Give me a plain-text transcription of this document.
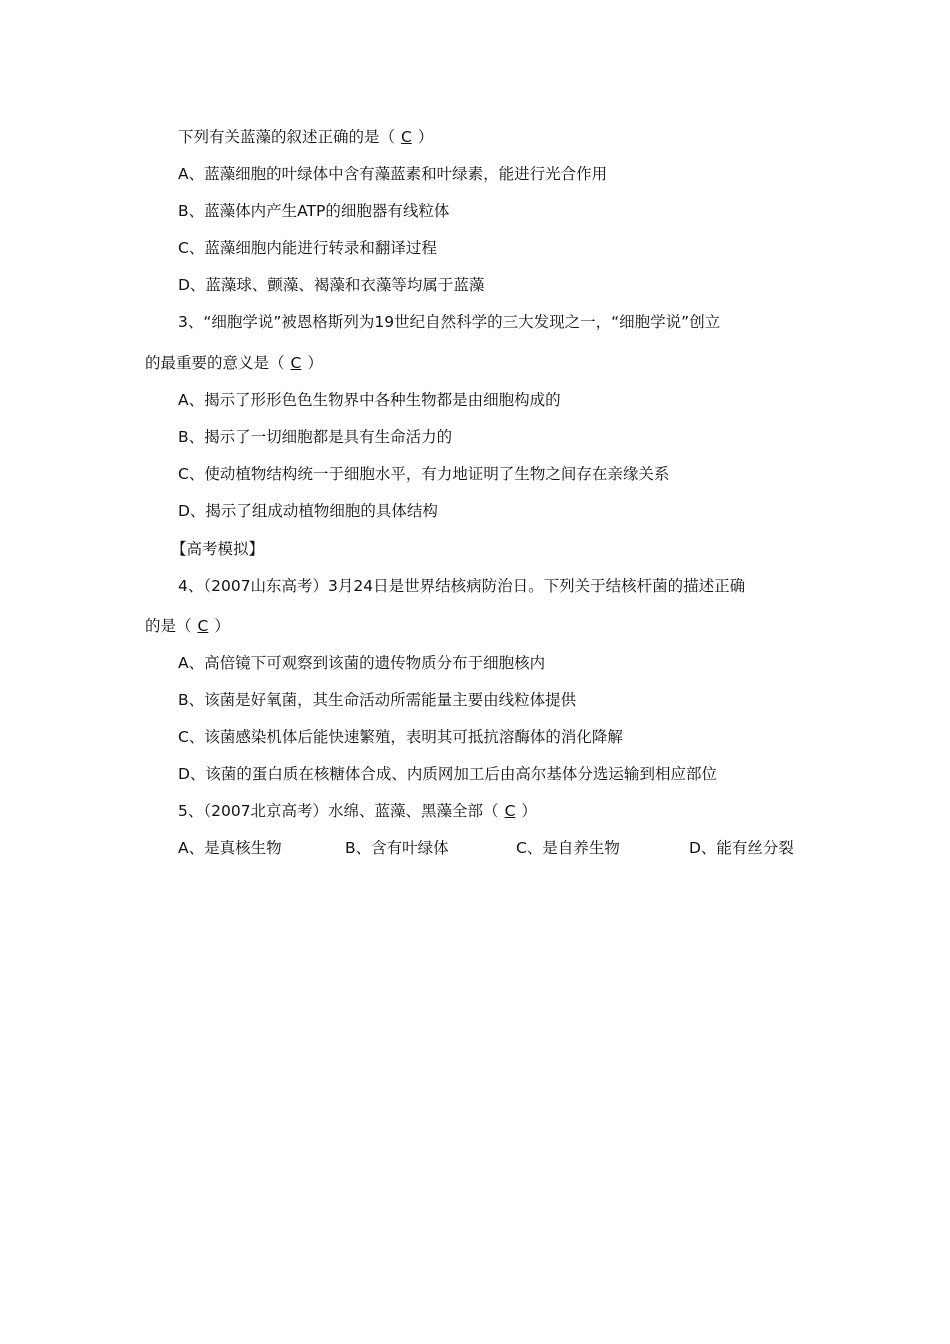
下列有关蓝藻的叙述正确的是（ C ）
A、蓝藻细胞的叶绿体中含有藻蓝素和叶绿素，能进行光合作用
B、蓝藻体内产生ATP的细胞器有线粒体
C、蓝藻细胞内能进行转录和翻译过程
D、蓝藻球、颤藻、褐藻和衣藻等均属于蓝藻
3、“细胞学说”被恩格斯列为19世纪自然科学的三大发现之一，“细胞学说”创立
的最重要的意义是（ C ）
A、揭示了形形色色生物界中各种生物都是由细胞构成的
B、揭示了一切细胞都是具有生命活力的
C、使动植物结构统一于细胞水平，有力地证明了生物之间存在亲缘关系
D、揭示了组成动植物细胞的具体结构
【高考模拟】
4、（2007山东高考）3月24日是世界结核病防治日。下列关于结核杆菌的描述正确
的是（ C ）
A、高倍镜下可观察到该菌的遗传物质分布于细胞核内
B、该菌是好氧菌，其生命活动所需能量主要由线粒体提供
C、该菌感染机体后能快速繁殖，表明其可抵抗溶酶体的消化降解
D、该菌的蛋白质在核糖体合成、内质网加工后由高尔基体分选运输到相应部位
5、（2007北京高考）水绵、蓝藻、黑藻全部（ C ）
A、是真核生物	B、含有叶绿体	C、是自养生物	D、能有丝分裂
